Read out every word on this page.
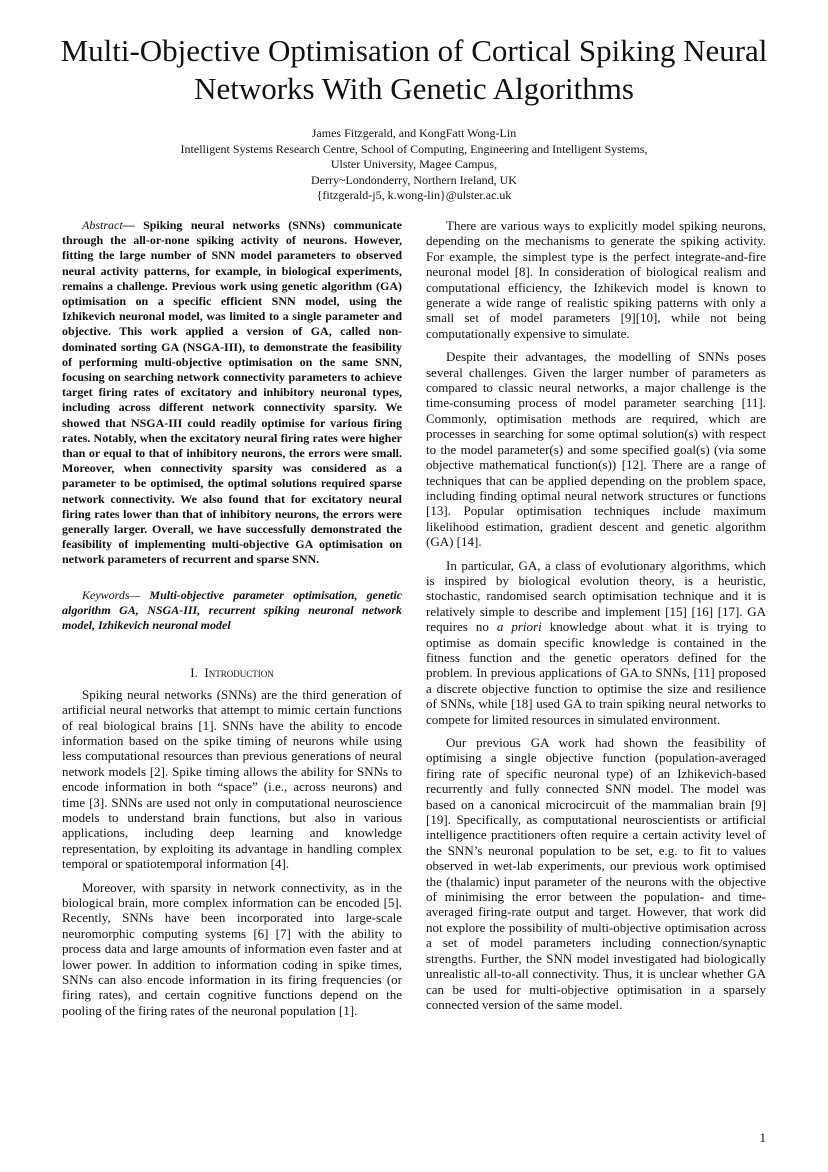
Multi-Objective Optimisation of Cortical Spiking Neural Networks With Genetic Algorithms
James Fitzgerald, and KongFatt Wong-Lin
Intelligent Systems Research Centre, School of Computing, Engineering and Intelligent Systems,
Ulster University, Magee Campus,
Derry~Londonderry, Northern Ireland, UK
{fitzgerald-j5, k.wong-lin}@ulster.ac.uk

Abstract— Spiking neural networks (SNNs) communicate through the all-or-none spiking activity of neurons. However, fitting the large number of SNN model parameters to observed neural activity patterns, for example, in biological experiments, remains a challenge. Previous work using genetic algorithm (GA) optimisation on a specific efficient SNN model, using the Izhikevich neuronal model, was limited to a single parameter and objective. This work applied a version of GA, called non-dominated sorting GA (NSGA-III), to demonstrate the feasibility of performing multi-objective optimisation on the same SNN, focusing on searching network connectivity parameters to achieve target firing rates of excitatory and inhibitory neuronal types, including across different network connectivity sparsity. We showed that NSGA-III could readily optimise for various firing rates. Notably, when the excitatory neural firing rates were higher than or equal to that of inhibitory neurons, the errors were small. Moreover, when connectivity sparsity was considered as a parameter to be optimised, the optimal solutions required sparse network connectivity. We also found that for excitatory neural firing rates lower than that of inhibitory neurons, the errors were generally larger. Overall, we have successfully demonstrated the feasibility of implementing multi-objective GA optimisation on network parameters of recurrent and sparse SNN.

Keywords— Multi-objective parameter optimisation, genetic algorithm GA, NSGA-III, recurrent spiking neuronal network model, Izhikevich neuronal model

I. Introduction

Spiking neural networks (SNNs) are the third generation of artificial neural networks that attempt to mimic certain functions of real biological brains [1]. SNNs have the ability to encode information based on the spike timing of neurons while using less computational resources than previous generations of neural network models [2]. Spike timing allows the ability for SNNs to encode information in both “space” (i.e., across neurons) and time [3]. SNNs are used not only in computational neuroscience models to understand brain functions, but also in various applications, including deep learning and knowledge representation, by exploiting its advantage in handling complex temporal or spatiotemporal information [4].

Moreover, with sparsity in network connectivity, as in the biological brain, more complex information can be encoded [5]. Recently, SNNs have been incorporated into large-scale neuromorphic computing systems [6] [7] with the ability to process data and large amounts of information even faster and at lower power. In addition to information coding in spike times, SNNs can also encode information in its firing frequencies (or firing rates), and certain cognitive functions depend on the pooling of the firing rates of the neuronal population [1].

There are various ways to explicitly model spiking neurons, depending on the mechanisms to generate the spiking activity. For example, the simplest type is the perfect integrate-and-fire neuronal model [8]. In consideration of biological realism and computational efficiency, the Izhikevich model is known to generate a wide range of realistic spiking patterns with only a small set of model parameters [9][10], while not being computationally expensive to simulate.

Despite their advantages, the modelling of SNNs poses several challenges. Given the larger number of parameters as compared to classic neural networks, a major challenge is the time-consuming process of model parameter searching [11]. Commonly, optimisation methods are required, which are processes in searching for some optimal solution(s) with respect to the model parameter(s) and some specified goal(s) (via some objective mathematical function(s)) [12]. There are a range of techniques that can be applied depending on the problem space, including finding optimal neural network structures or functions [13]. Popular optimisation techniques include maximum likelihood estimation, gradient descent and genetic algorithm (GA) [14].

In particular, GA, a class of evolutionary algorithms, which is inspired by biological evolution theory, is a heuristic, stochastic, randomised search optimisation technique and it is relatively simple to describe and implement [15] [16] [17]. GA requires no a priori knowledge about what it is trying to optimise as domain specific knowledge is contained in the fitness function and the genetic operators defined for the problem. In previous applications of GA to SNNs, [11] proposed a discrete objective function to optimise the size and resilience of SNNs, while [18] used GA to train spiking neural networks to compete for limited resources in simulated environment.

Our previous GA work had shown the feasibility of optimising a single objective function (population-averaged firing rate of specific neuronal type) of an Izhikevich-based recurrently and fully connected SNN model. The model was based on a canonical microcircuit of the mammalian brain [9] [19]. Specifically, as computational neuroscientists or artificial intelligence practitioners often require a certain activity level of the SNN’s neuronal population to be set, e.g. to fit to values observed in wet-lab experiments, our previous work optimised the (thalamic) input parameter of the neurons with the objective of minimising the error between the population- and time-averaged firing-rate output and target. However, that work did not explore the possibility of multi-objective optimisation across a set of model parameters including connection/synaptic strengths. Further, the SNN model investigated had biologically unrealistic all-to-all connectivity. Thus, it is unclear whether GA can be used for multi-objective optimisation in a sparsely connected version of the same model.

1
